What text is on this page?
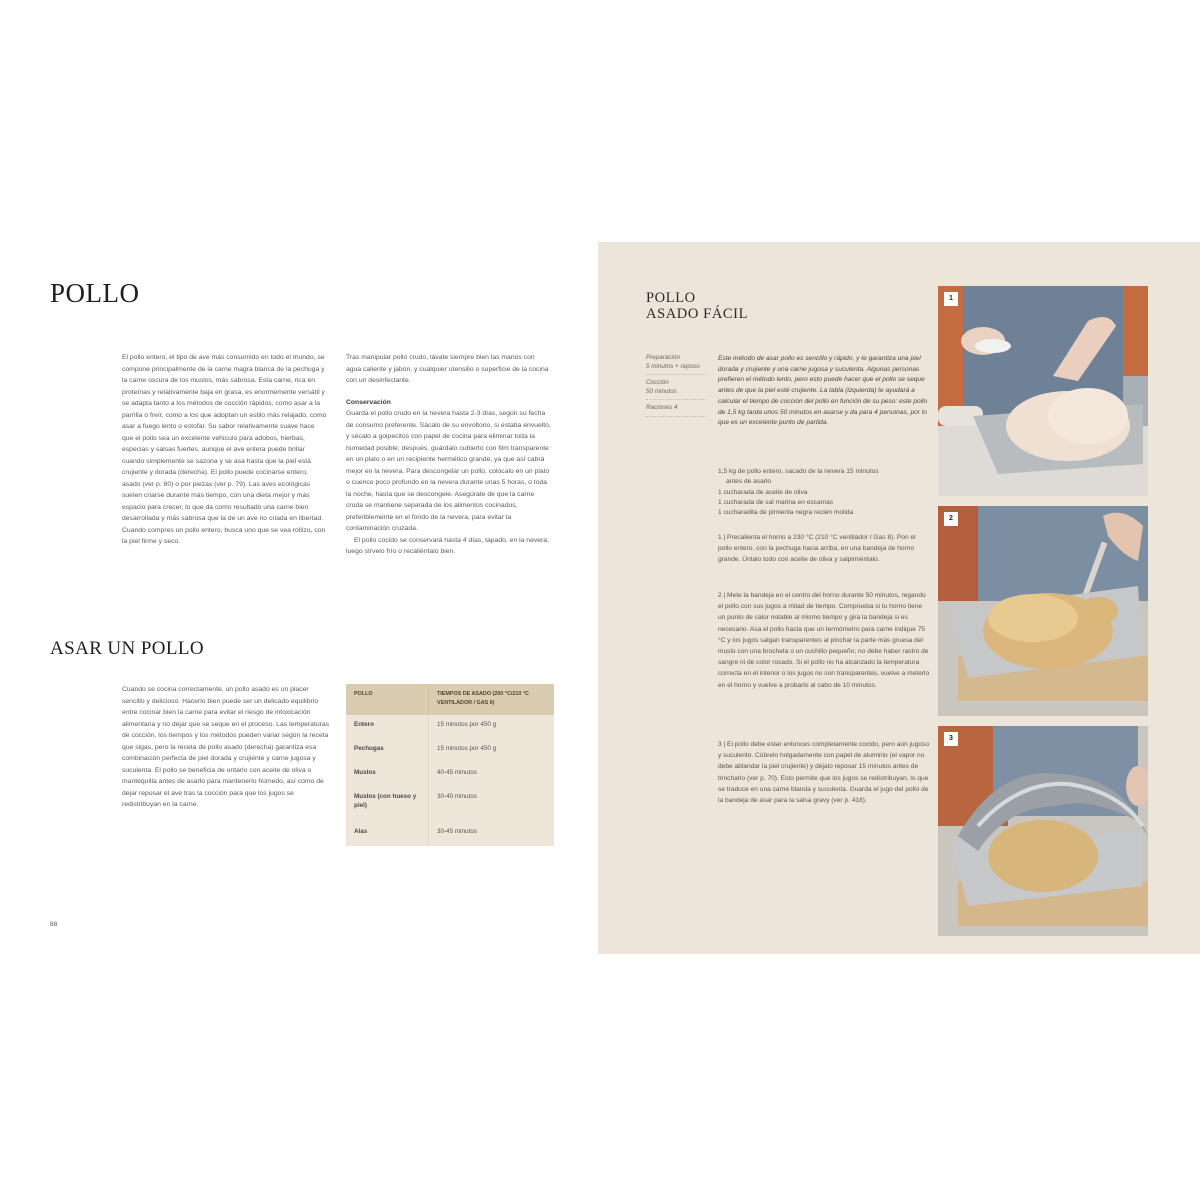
POLLO

El pollo entero, el tipo de ave más consumido en todo el mundo, se compone principalmente de la carne magra blanca de la pechuga y la carne oscura de los muslos, más sabrosa. Esta carne, rica en proteínas y relativamente baja en grasa, es enormemente versátil y se adapta tanto a los métodos de cocción rápidos, como asar a la parrilla o freír, como a los que adoptan un estilo más relajado, como asar a fuego lento o estofar. Su sabor relativamente suave hace que el pollo sea un excelente vehículo para adobos, hierbas, especias y salsas fuertes, aunque el ave entera puede brillar cuando simplemente se sazona y se asa hasta que la piel está crujiente y dorada (derecha). El pollo puede cocinarse entero, asado (ver p. 80) o por piezas (ver p. 79). Las aves ecológicas suelen criarse durante más tiempo, con una dieta mejor y más espacio para crecer, lo que da como resultado una carne bien desarrollada y más sabrosa que la de un ave no criada en libertad. Cuando compres un pollo entero, busca uno que se vea rollizo, con la piel firme y seco.

Tras manipular pollo crudo, lávate siempre bien las manos con agua caliente y jabón, y cualquier utensilio o superficie de la cocina con un desinfectante.

Conservación

Guarda el pollo crudo en la nevera hasta 2-3 días, según su fecha de consumo preferente. Sácalo de su envoltorio, si estaba envuelto, y sécalo a golpecitos con papel de cocina para eliminar toda la humedad posible; después, guárdalo cubierto con film transparente en un plato o en un recipiente hermético grande, ya que así cabrá mejor en la nevera. Para descongelar un pollo, colócalo en un plato o cuenco poco profundo en la nevera durante unas 5 horas, o toda la noche, hasta que se descongele. Asegúrate de que la carne cruda se mantiene separada de los alimentos cocinados, preferiblemente en el fondo de la nevera, para evitar la contaminación cruzada.

El pollo cocido se conservará hasta 4 días, tapado, en la nevera; luego sírvelo frío o recaliéntalo bien.

ASAR UN POLLO

Cuando se cocina correctamente, un pollo asado es un placer sencillo y delicioso. Hacerlo bien puede ser un delicado equilibrio entre cocinar bien la carne para evitar el riesgo de intoxicación alimentaria y no dejar que se seque en el proceso. Las temperaturas de cocción, los tiempos y los métodos pueden variar según la receta que sigas, pero la receta de pollo asado (derecha) garantiza esa combinación perfecta de piel dorada y crujiente y carne jugosa y suculenta. El pollo se beneficia de untarlo con aceite de oliva o mantequilla antes de asarlo para mantenerlo húmedo, así como de dejar reposar el ave tras la cocción para que los jugos se redistribuyan en la carne.

POLLO	TIEMPOS DE ASADO (200 °C/210 °C VENTILADOR / GAS 6)
Entero	15 minutos por 450 g
Pechugas	15 minutos por 450 g
Muslos	40-45 minutos
Muslos (con hueso y piel)	30-40 minutos
Alas	30-45 minutos
88
POLLO
ASADO FÁCIL
Preparación
5 minutos + reposo
Cocción
50 minutos
Raciones 4

Este método de asar pollo es sencillo y rápido, y te garantiza una piel dorada y crujiente y una carne jugosa y suculenta. Algunas personas prefieren el método lento, pero esto puede hacer que el pollo se seque antes de que la piel esté crujiente. La tabla (izquierda) te ayudará a calcular el tiempo de cocción del pollo en función de su peso: este pollo de 1,5 kg tarda unos 50 minutos en asarse y da para 4 personas, por lo que es un excelente punto de partida.

1,5 kg de pollo entero, sacado de la nevera 15 minutos
antes de asarlo
1 cucharada de aceite de oliva
1 cucharada de sal marina en escamas
1 cucharadita de pimienta negra recién molida

1 | Precalienta el horno a 230 °C (210 °C ventilador / Gas 8). Pon el pollo entero, con la pechuga hacia arriba, en una bandeja de horno grande. Úntalo todo con aceite de oliva y salpimiéntalo.

2 | Mete la bandeja en el centro del horno durante 50 minutos, regando el pollo con sus jugos a mitad de tiempo. Comprueba si tu horno tiene un punto de calor notable al mismo tiempo y gira la bandeja si es necesario. Asa el pollo hasta que un termómetro para carne indique 75 °C y los jugos salgan transparentes al pinchar la parte más gruesa del muslo con una brocheta o un cuchillo pequeño; no debe haber rastro de sangre ni de color rosado. Si el pollo no ha alcanzado la temperatura correcta en el interior o los jugos no son transparentes, vuelve a meterlo en el horno y vuelve a probarlo al cabo de 10 minutos.

3 | El pollo debe estar entonces completamente cocido, pero aún jugoso y suculento. Cúbrelo holgadamente con papel de aluminio (el vapor no debe ablandar la piel crujiente) y déjalo reposar 15 minutos antes de trincharlo (ver p. 70). Esto permite que los jugos se redistribuyan, lo que se traduce en una carne blanda y suculenta. Guarda el jugo del pollo de la bandeja de asar para la salsa gravy (ver p. 418).

1
2
3
